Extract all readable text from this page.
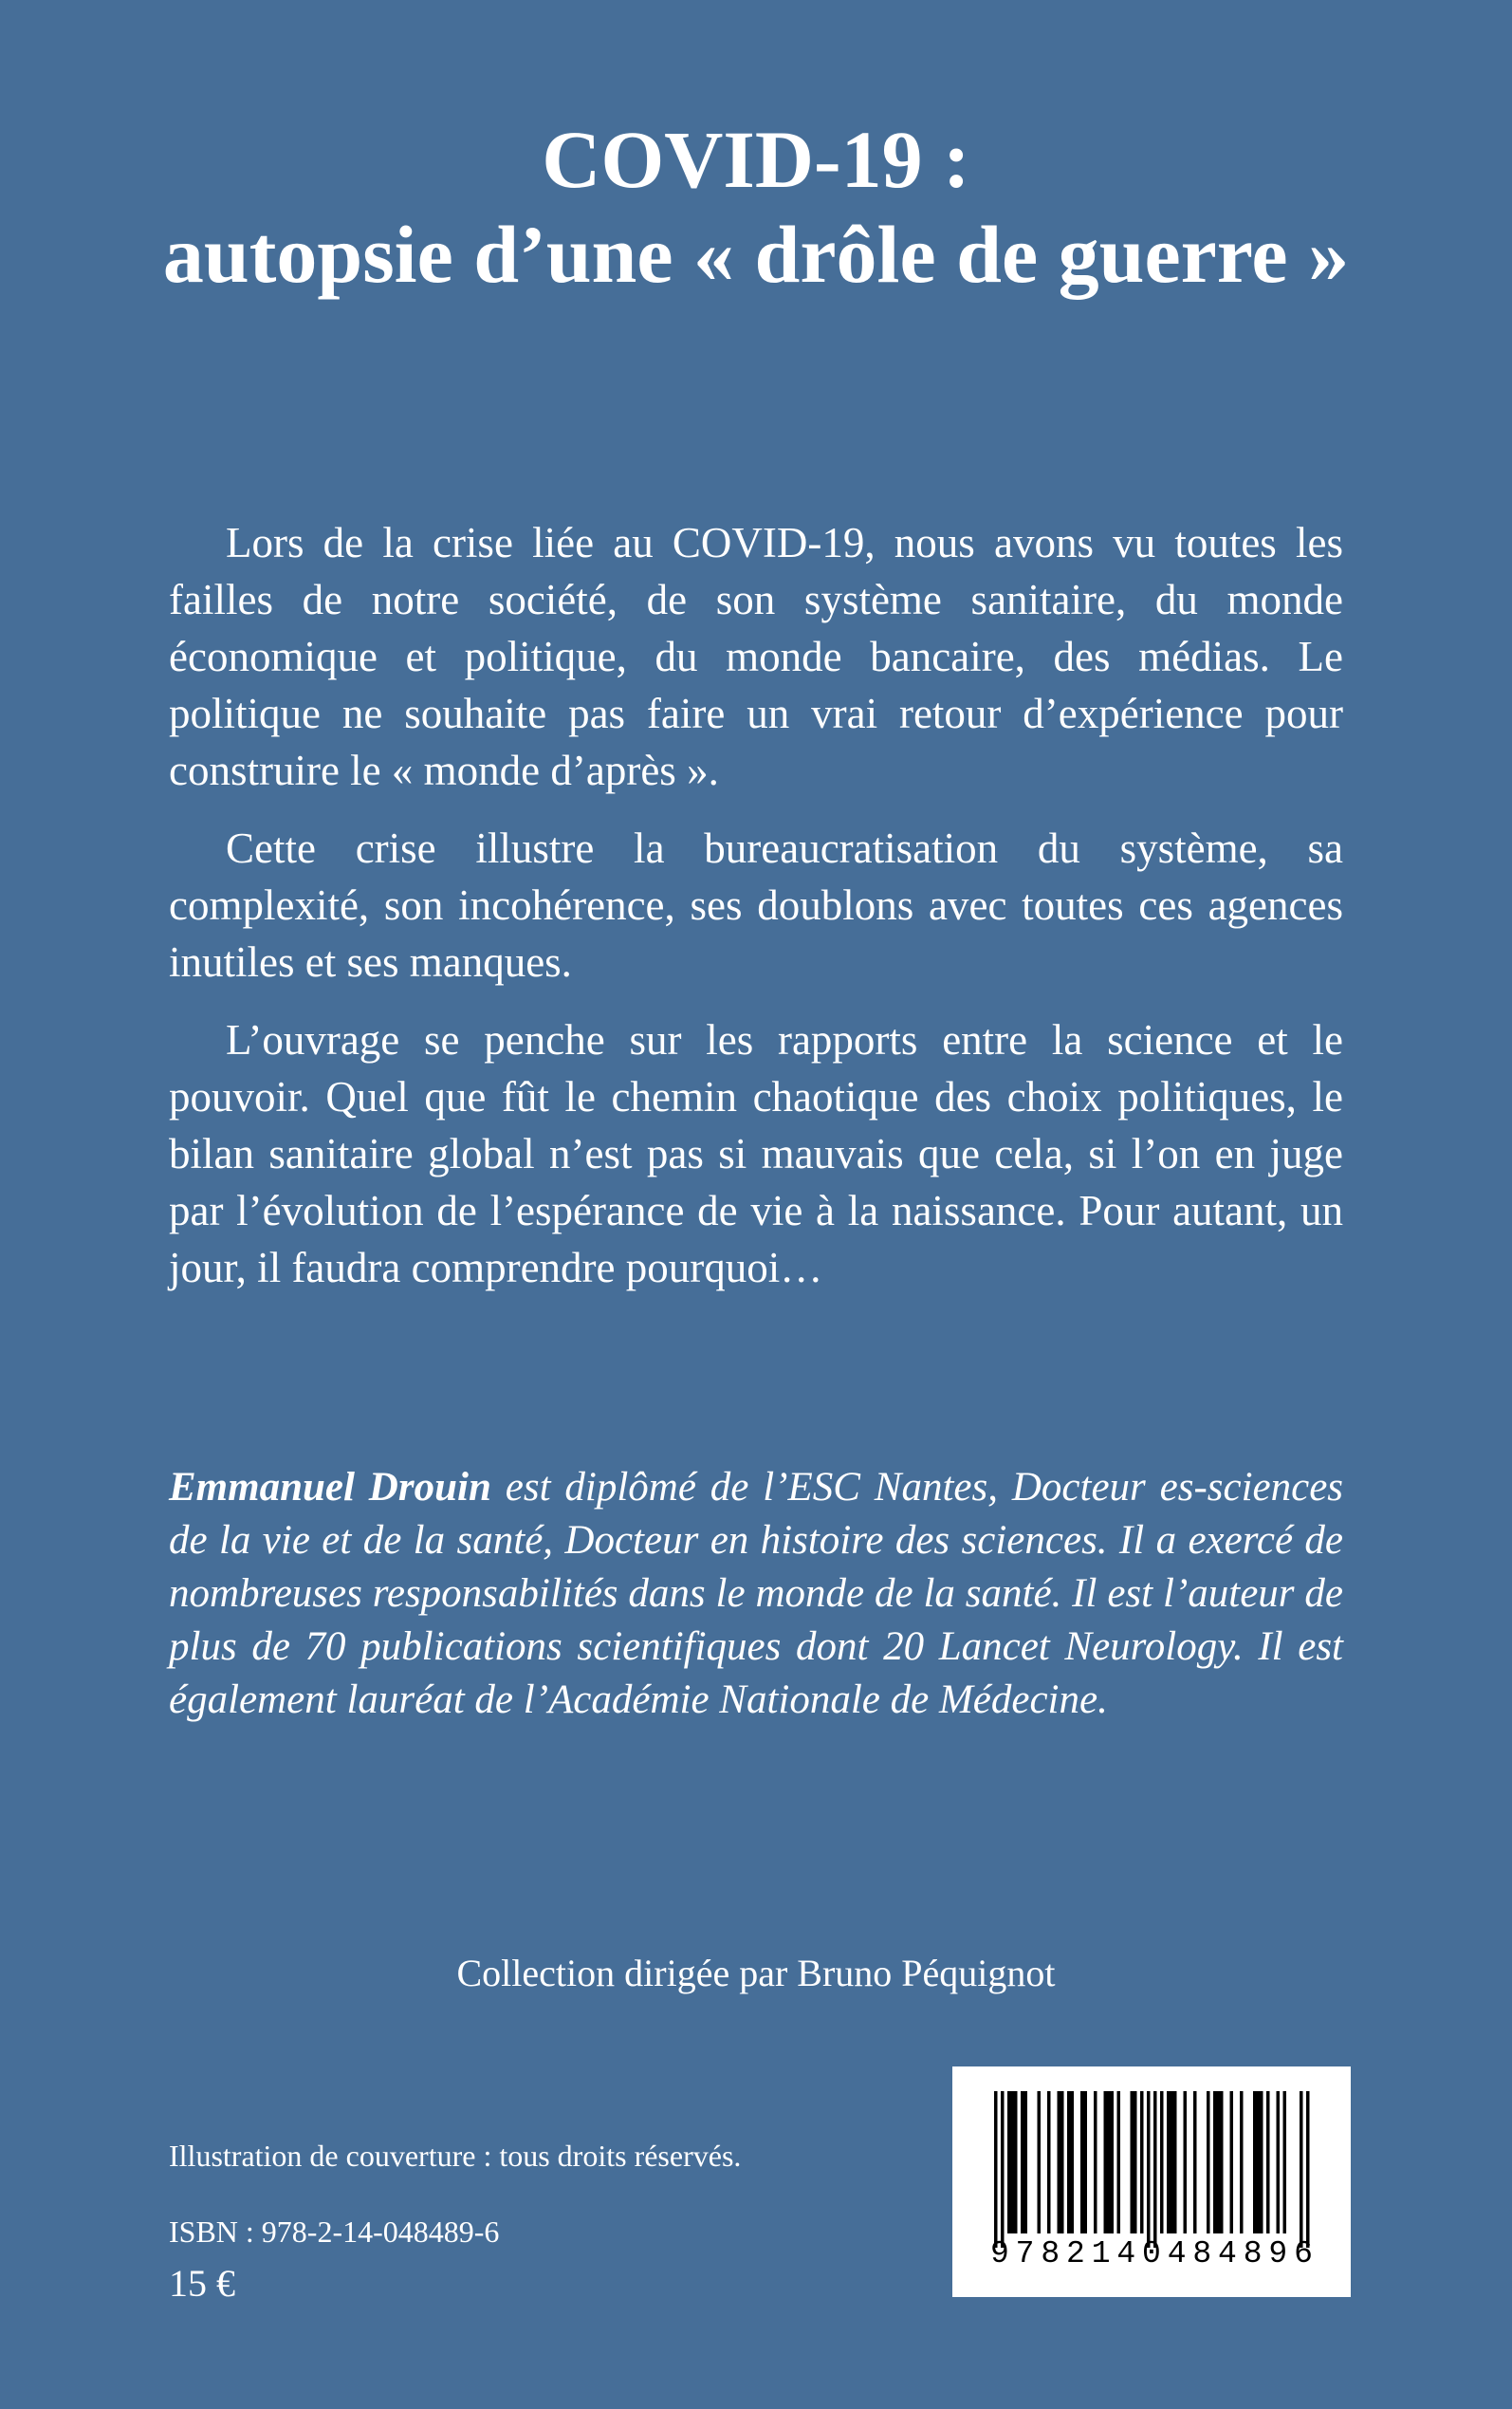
COVID-19 :
autopsie d’une « drôle de guerre »

Lors de la crise liée au COVID-19, nous avons vu toutes les failles de notre société, de son système sanitaire, du monde économique et politique, du monde bancaire, des médias. Le politique ne souhaite pas faire un vrai retour d’expérience pour construire le « monde d’après ».

Cette crise illustre la bureaucratisation du système, sa complexité, son incohérence, ses doublons avec toutes ces agences inutiles et ses manques.

L’ouvrage se penche sur les rapports entre la science et le pouvoir. Quel que fût le chemin chaotique des choix politiques, le bilan sanitaire global n’est pas si mauvais que cela, si l’on en juge par l’évolution de l’espérance de vie à la naissance. Pour autant, un jour, il faudra comprendre pourquoi…

Emmanuel Drouin est diplômé de l’ESC Nantes, Docteur es-sciences de la vie et de la santé, Docteur en histoire des sciences. Il a exercé de nombreuses responsabilités dans le monde de la santé. Il est l’auteur de plus de 70 publications scientifiques dont 20 Lancet Neurology. Il est également lauréat de l’Académie Nationale de Médecine.
Collection dirigée par Bruno Péquignot
Illustration de couverture : tous droits réservés.
ISBN : 978-2-14-048489-6
15 €
9 7 8 2 1 4 0 4 8 4 8 9 6
